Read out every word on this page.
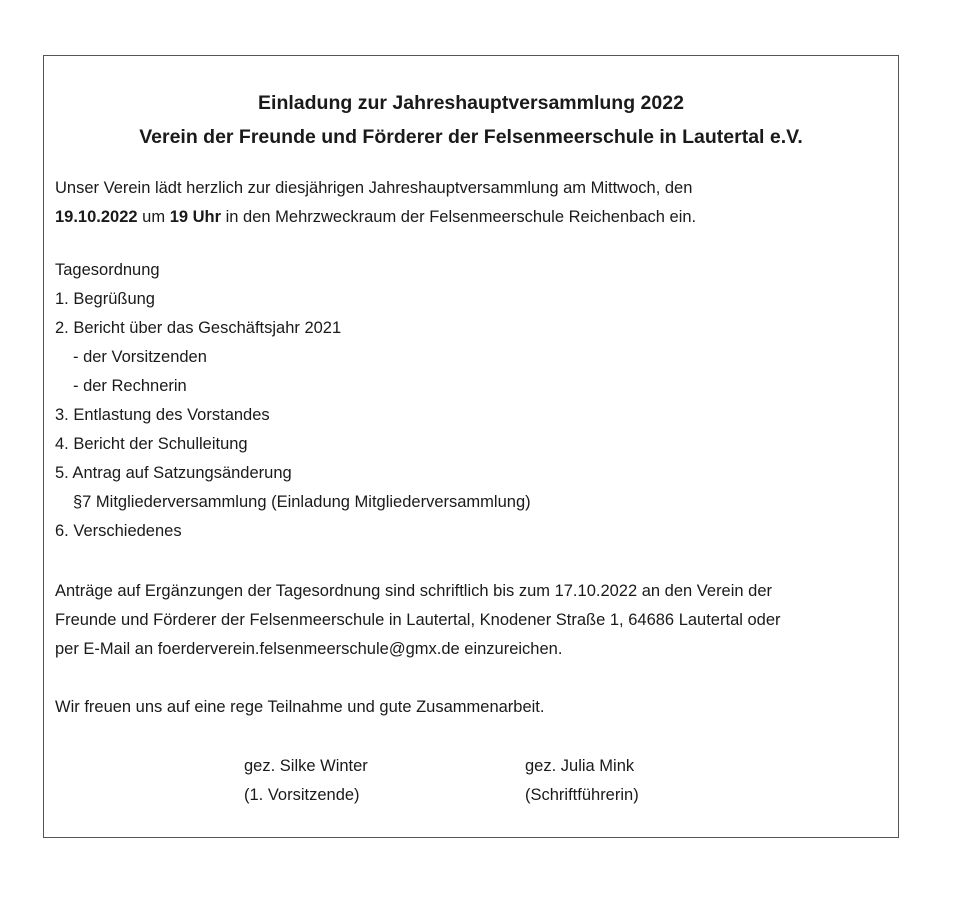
Einladung zur Jahreshauptversammlung 2022
Verein der Freunde und Förderer der Felsenmeerschule in Lautertal e.V.
Unser Verein lädt herzlich zur diesjährigen Jahreshauptversammlung am Mittwoch, den
19.10.2022 um 19 Uhr in den Mehrzweckraum der Felsenmeerschule Reichenbach ein.
Tagesordnung
1. Begrüßung
2. Bericht über das Geschäftsjahr 2021
- der Vorsitzenden
- der Rechnerin
3. Entlastung des Vorstandes
4. Bericht der Schulleitung
5. Antrag auf Satzungsänderung
§7 Mitgliederversammlung (Einladung Mitgliederversammlung)
6. Verschiedenes
Anträge auf Ergänzungen der Tagesordnung sind schriftlich bis zum 17.10.2022 an den Verein der
Freunde und Förderer der Felsenmeerschule in Lautertal, Knodener Straße 1, 64686 Lautertal oder
per E-Mail an foerderverein.felsenmeerschule@gmx.de einzureichen.
Wir freuen uns auf eine rege Teilnahme und gute Zusammenarbeit.
gez. Silke Winter
(1. Vorsitzende)
gez. Julia Mink
(Schriftführerin)
